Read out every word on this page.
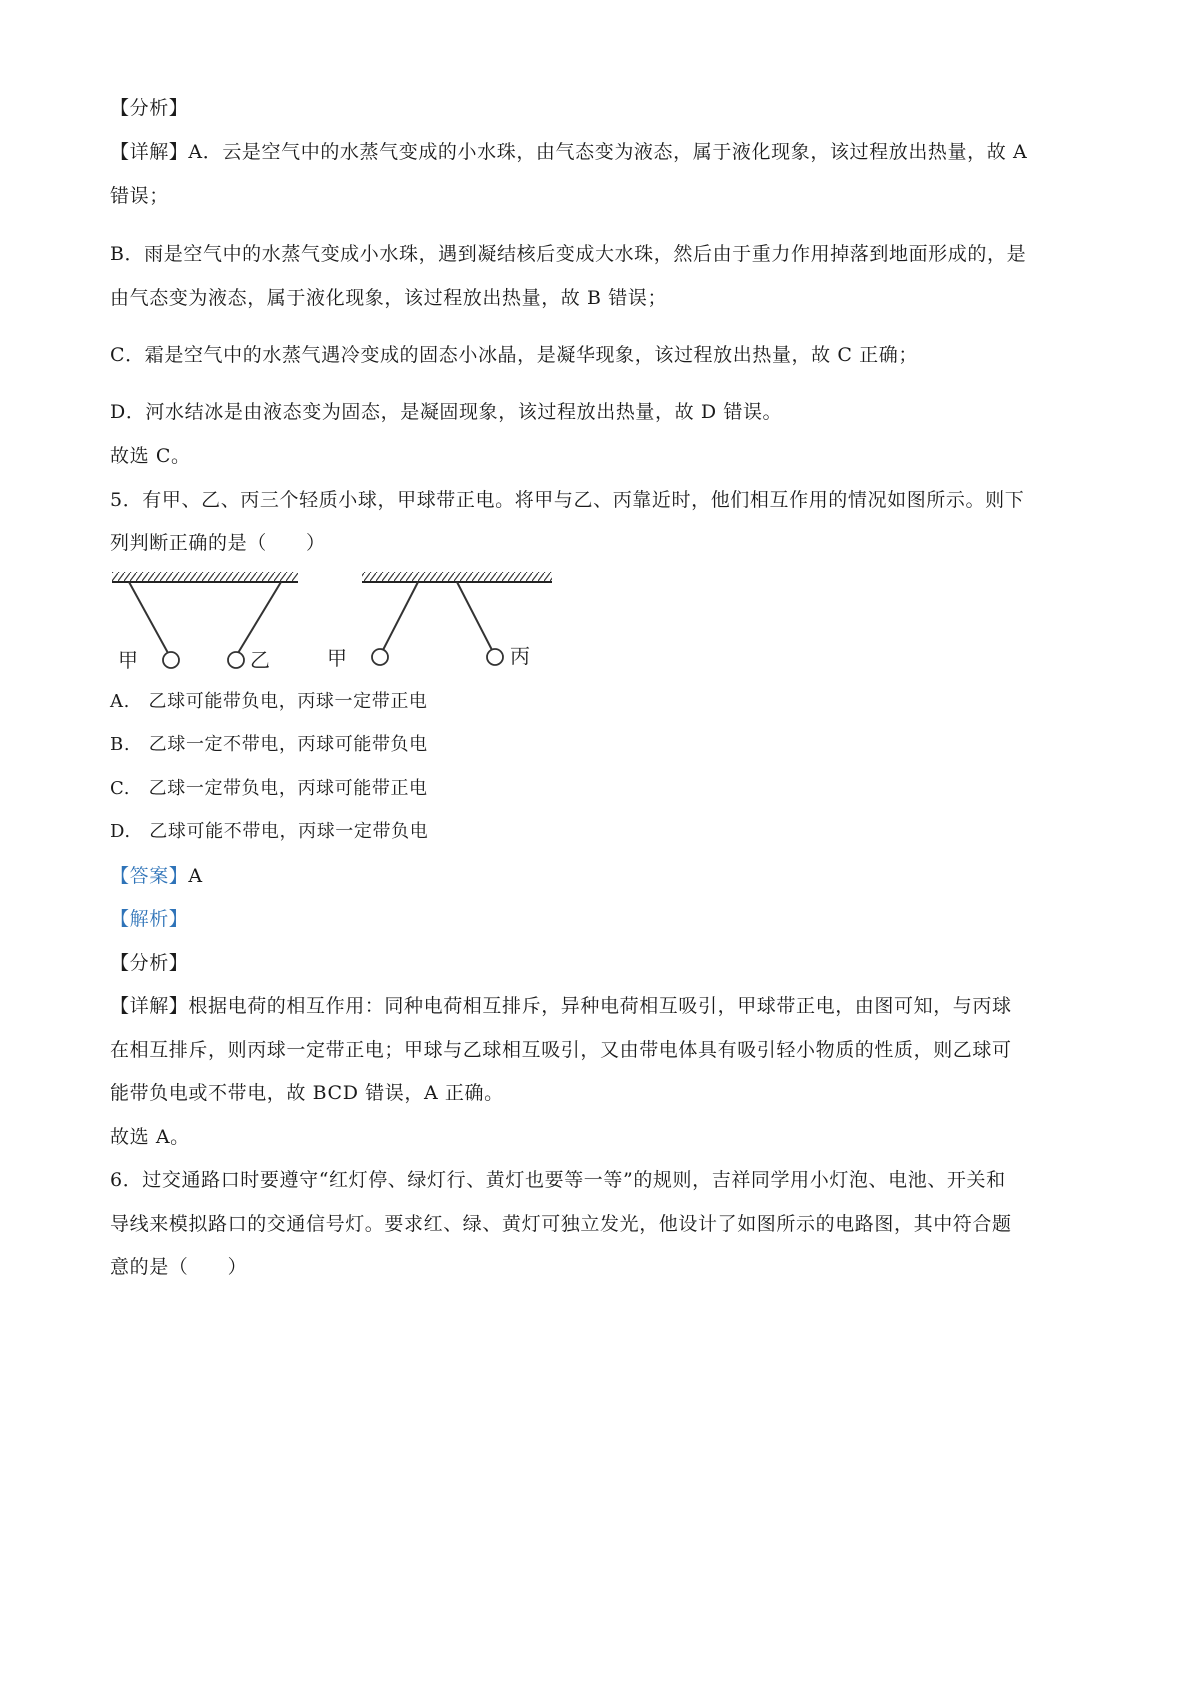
【分析】
【详解】A．云是空气中的水蒸气变成的小水珠，由气态变为液态，属于液化现象，该过程放出热量，故 A
错误；
B．雨是空气中的水蒸气变成小水珠，遇到凝结核后变成大水珠，然后由于重力作用掉落到地面形成的，是
由气态变为液态，属于液化现象，该过程放出热量，故 B 错误；
C．霜是空气中的水蒸气遇冷变成的固态小冰晶，是凝华现象，该过程放出热量，故 C 正确；
D．河水结冰是由液态变为固态，是凝固现象，该过程放出热量，故 D 错误。
故选 C。
5．有甲、乙、丙三个轻质小球，甲球带正电。将甲与乙、丙靠近时，他们相互作用的情况如图所示。则下
列判断正确的是（　　）
甲	乙	甲	丙
A.　乙球可能带负电，丙球一定带正电
B.　乙球一定不带电，丙球可能带负电
C.　乙球一定带负电，丙球可能带正电
D.　乙球可能不带电，丙球一定带负电
【答案】A
【解析】
【分析】
【详解】根据电荷的相互作用：同种电荷相互排斥，异种电荷相互吸引，甲球带正电，由图可知，与丙球
在相互排斥，则丙球一定带正电；甲球与乙球相互吸引，又由带电体具有吸引轻小物质的性质，则乙球可
能带负电或不带电，故 BCD 错误，A 正确。
故选 A。
6．过交通路口时要遵守“红灯停、绿灯行、黄灯也要等一等”的规则，吉祥同学用小灯泡、电池、开关和
导线来模拟路口的交通信号灯。要求红、绿、黄灯可独立发光，他设计了如图所示的电路图，其中符合题
意的是（　　）
